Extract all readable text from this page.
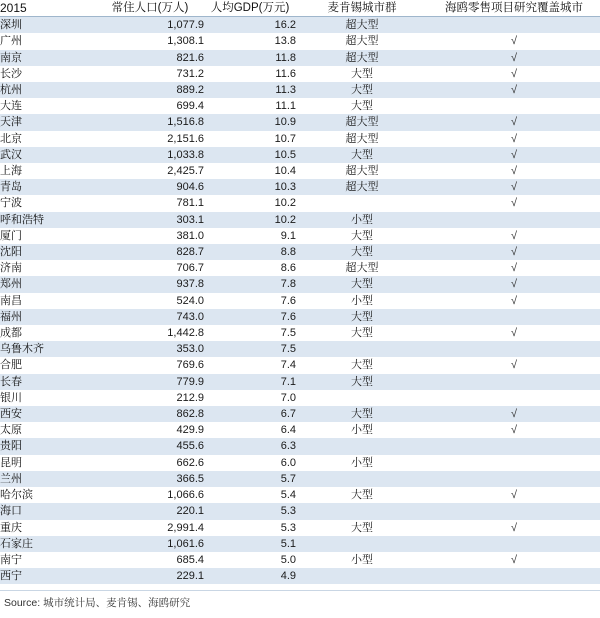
2015	常住人口(万人)	人均GDP(万元)	麦肯锡城市群	海鸥零售项目研究覆盖城市
深圳	1,077.9	16.2	超大型	
广州	1,308.1	13.8	超大型	√
南京	821.6	11.8	超大型	√
长沙	731.2	11.6	大型	√
杭州	889.2	11.3	大型	√
大连	699.4	11.1	大型	
天津	1,516.8	10.9	超大型	√
北京	2,151.6	10.7	超大型	√
武汉	1,033.8	10.5	大型	√
上海	2,425.7	10.4	超大型	√
青岛	904.6	10.3	超大型	√
宁波	781.1	10.2		√
呼和浩特	303.1	10.2	小型	
厦门	381.0	9.1	大型	√
沈阳	828.7	8.8	大型	√
济南	706.7	8.6	超大型	√
郑州	937.8	7.8	大型	√
南昌	524.0	7.6	小型	√
福州	743.0	7.6	大型	
成都	1,442.8	7.5	大型	√
乌鲁木齐	353.0	7.5		
合肥	769.6	7.4	大型	√
长春	779.9	7.1	大型	
银川	212.9	7.0		
西安	862.8	6.7	大型	√
太原	429.9	6.4	小型	√
贵阳	455.6	6.3		
昆明	662.6	6.0	小型	
兰州	366.5	5.7		
哈尔滨	1,066.6	5.4	大型	√
海口	220.1	5.3		
重庆	2,991.4	5.3	大型	√
石家庄	1,061.6	5.1		
南宁	685.4	5.0	小型	√
西宁	229.1	4.9		
Source: 城市统计局、麦肯锡、海鸥研究
